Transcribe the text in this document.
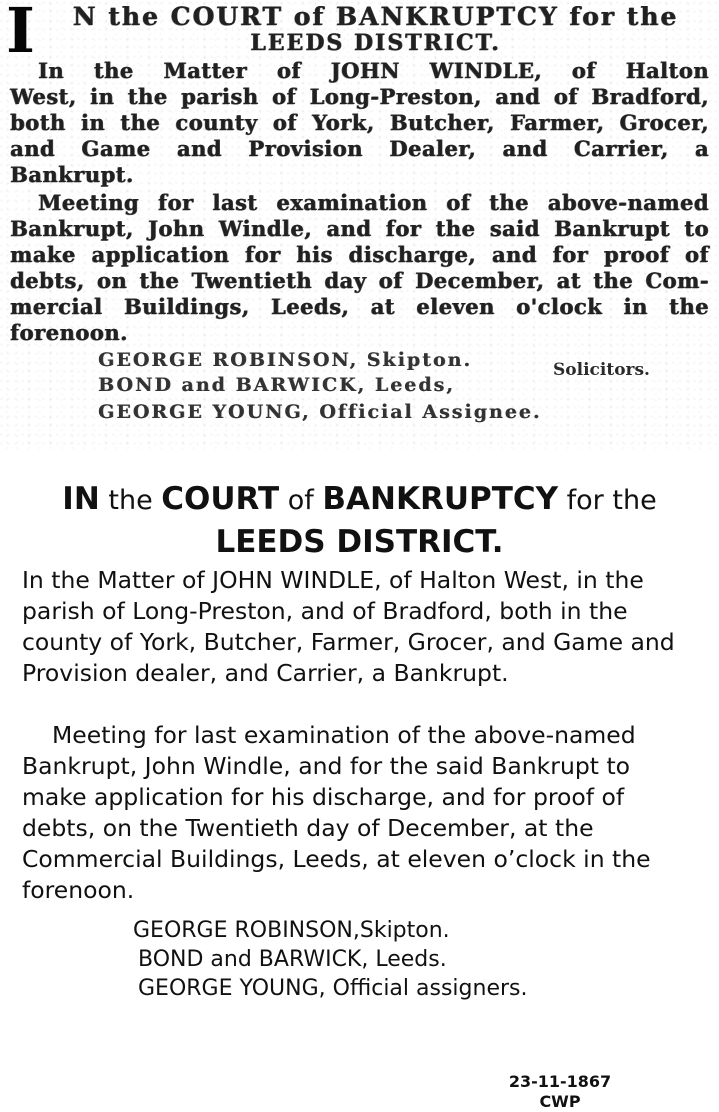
I	N the COURT of BANKRUPTCY for the
LEEDS DISTRICT.
In the Matter of JOHN WINDLE, of Halton
West, in the parish of Long-Preston, and of Bradford,
both in the county of York, Butcher, Farmer, Grocer,
and Game and Provision Dealer, and Carrier, a
Bankrupt.
Meeting for last examination of the above-named
Bankrupt, John Windle, and for the said Bankrupt to
make application for his discharge, and for proof of
debts, on the Twentieth day of December, at the Com-
mercial Buildings, Leeds, at eleven o'clock in the
forenoon.
GEORGE ROBINSON, Skipton.
BOND and BARWICK, Leeds,
GEORGE YOUNG, Official Assignee.
Solicitors.
IN the COURT of BANKRUPTCY for the
LEEDS DISTRICT.

In the Matter of JOHN WINDLE, of Halton West, in the parish of Long-Preston, and of Bradford, both in the county of York, Butcher, Farmer, Grocer, and Game and Provision dealer, and Carrier, a Bankrupt.

Meeting for last examination of the above-named Bankrupt, John Windle, and for the said Bankrupt to make application for his discharge, and for proof of debts, on the Twentieth day of December, at the Commercial Buildings, Leeds, at eleven o’clock in the forenoon.

GEORGE ROBINSON,Skipton.
BOND and BARWICK, Leeds.
GEORGE YOUNG, Official assigners.
23-11-1867
CWP
